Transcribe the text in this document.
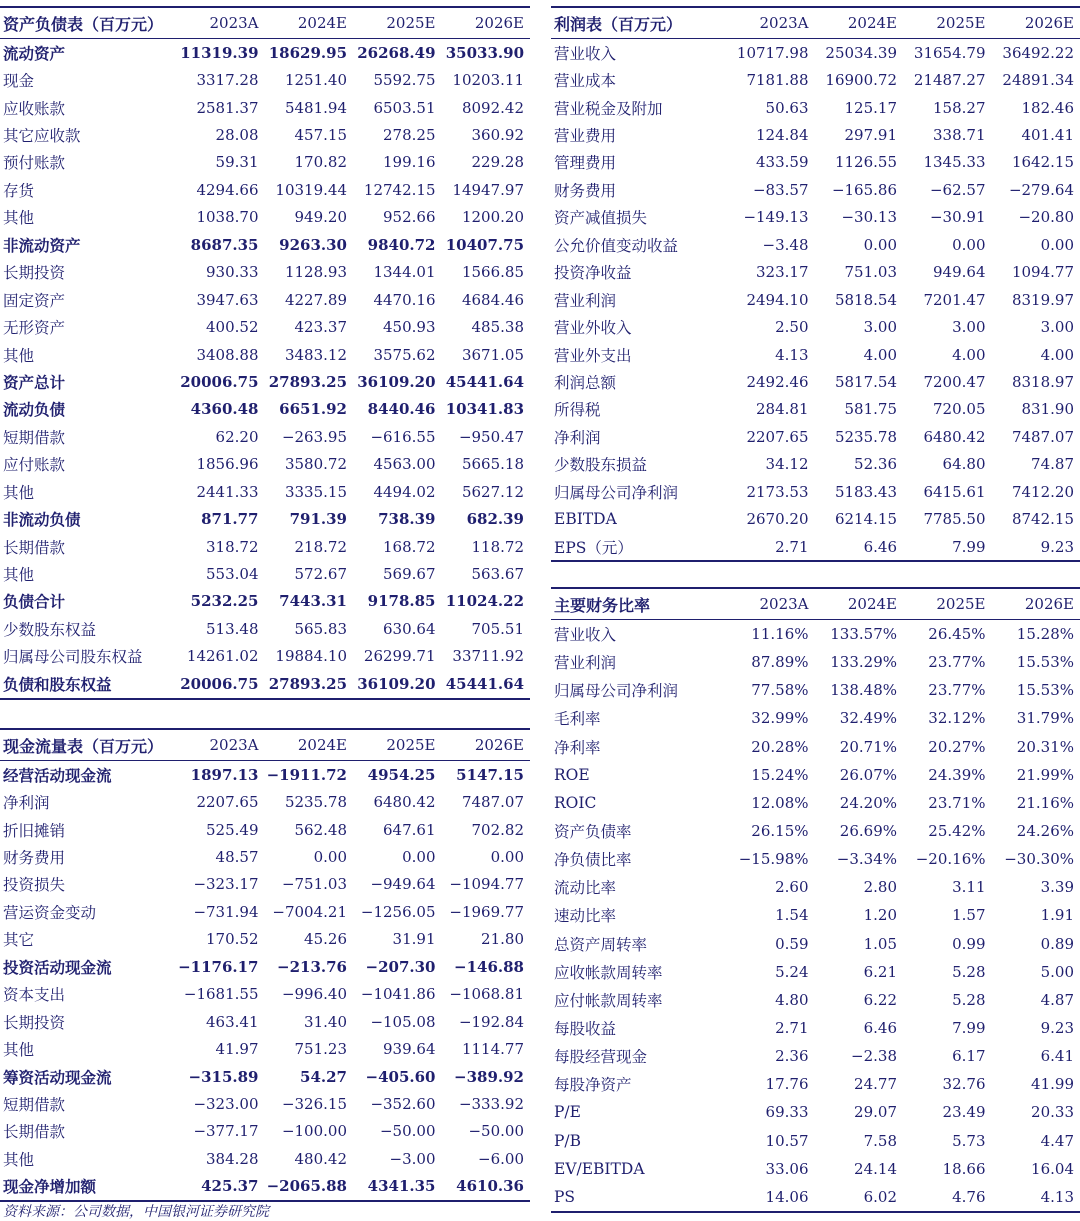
资产负债表（百万元）	2023A	2024E	2025E	2026E
流动资产	11319.39	18629.95	26268.49	35033.90
现金	3317.28	1251.40	5592.75	10203.11
应收账款	2581.37	5481.94	6503.51	8092.42
其它应收款	28.08	457.15	278.25	360.92
预付账款	59.31	170.82	199.16	229.28
存货	4294.66	10319.44	12742.15	14947.97
其他	1038.70	949.20	952.66	1200.20
非流动资产	8687.35	9263.30	9840.72	10407.75
长期投资	930.33	1128.93	1344.01	1566.85
固定资产	3947.63	4227.89	4470.16	4684.46
无形资产	400.52	423.37	450.93	485.38
其他	3408.88	3483.12	3575.62	3671.05
资产总计	20006.75	27893.25	36109.20	45441.64
流动负债	4360.48	6651.92	8440.46	10341.83
短期借款	62.20	−263.95	−616.55	−950.47
应付账款	1856.96	3580.72	4563.00	5665.18
其他	2441.33	3335.15	4494.02	5627.12
非流动负债	871.77	791.39	738.39	682.39
长期借款	318.72	218.72	168.72	118.72
其他	553.04	572.67	569.67	563.67
负债合计	5232.25	7443.31	9178.85	11024.22
少数股东权益	513.48	565.83	630.64	705.51
归属母公司股东权益	14261.02	19884.10	26299.71	33711.92
负债和股东权益	20006.75	27893.25	36109.20	45441.64
利润表（百万元）	2023A	2024E	2025E	2026E
营业收入	10717.98	25034.39	31654.79	36492.22
营业成本	7181.88	16900.72	21487.27	24891.34
营业税金及附加	50.63	125.17	158.27	182.46
营业费用	124.84	297.91	338.71	401.41
管理费用	433.59	1126.55	1345.33	1642.15
财务费用	−83.57	−165.86	−62.57	−279.64
资产减值损失	−149.13	−30.13	−30.91	−20.80
公允价值变动收益	−3.48	0.00	0.00	0.00
投资净收益	323.17	751.03	949.64	1094.77
营业利润	2494.10	5818.54	7201.47	8319.97
营业外收入	2.50	3.00	3.00	3.00
营业外支出	4.13	4.00	4.00	4.00
利润总额	2492.46	5817.54	7200.47	8318.97
所得税	284.81	581.75	720.05	831.90
净利润	2207.65	5235.78	6480.42	7487.07
少数股东损益	34.12	52.36	64.80	74.87
归属母公司净利润	2173.53	5183.43	6415.61	7412.20
EBITDA	2670.20	6214.15	7785.50	8742.15
EPS（元）	2.71	6.46	7.99	9.23
主要财务比率	2023A	2024E	2025E	2026E
营业收入	11.16%	133.57%	26.45%	15.28%
营业利润	87.89%	133.29%	23.77%	15.53%
归属母公司净利润	77.58%	138.48%	23.77%	15.53%
毛利率	32.99%	32.49%	32.12%	31.79%
净利率	20.28%	20.71%	20.27%	20.31%
ROE	15.24%	26.07%	24.39%	21.99%
ROIC	12.08%	24.20%	23.71%	21.16%
资产负债率	26.15%	26.69%	25.42%	24.26%
净负债比率	−15.98%	−3.34%	−20.16%	−30.30%
流动比率	2.60	2.80	3.11	3.39
速动比率	1.54	1.20	1.57	1.91
总资产周转率	0.59	1.05	0.99	0.89
应收帐款周转率	5.24	6.21	5.28	5.00
应付帐款周转率	4.80	6.22	5.28	4.87
每股收益	2.71	6.46	7.99	9.23
每股经营现金	2.36	−2.38	6.17	6.41
每股净资产	17.76	24.77	32.76	41.99
P/E	69.33	29.07	23.49	20.33
P/B	10.57	7.58	5.73	4.47
EV/EBITDA	33.06	24.14	18.66	16.04
PS	14.06	6.02	4.76	4.13
现金流量表（百万元）	2023A	2024E	2025E	2026E
经营活动现金流	1897.13	−1911.72	4954.25	5147.15
净利润	2207.65	5235.78	6480.42	7487.07
折旧摊销	525.49	562.48	647.61	702.82
财务费用	48.57	0.00	0.00	0.00
投资损失	−323.17	−751.03	−949.64	−1094.77
营运资金变动	−731.94	−7004.21	−1256.05	−1969.77
其它	170.52	45.26	31.91	21.80
投资活动现金流	−1176.17	−213.76	−207.30	−146.88
资本支出	−1681.55	−996.40	−1041.86	−1068.81
长期投资	463.41	31.40	−105.08	−192.84
其他	41.97	751.23	939.64	1114.77
筹资活动现金流	−315.89	54.27	−405.60	−389.92
短期借款	−323.00	−326.15	−352.60	−333.92
长期借款	−377.17	−100.00	−50.00	−50.00
其他	384.28	480.42	−3.00	−6.00
现金净增加额	425.37	−2065.88	4341.35	4610.36
资料来源：公司数据，中国银河证券研究院
